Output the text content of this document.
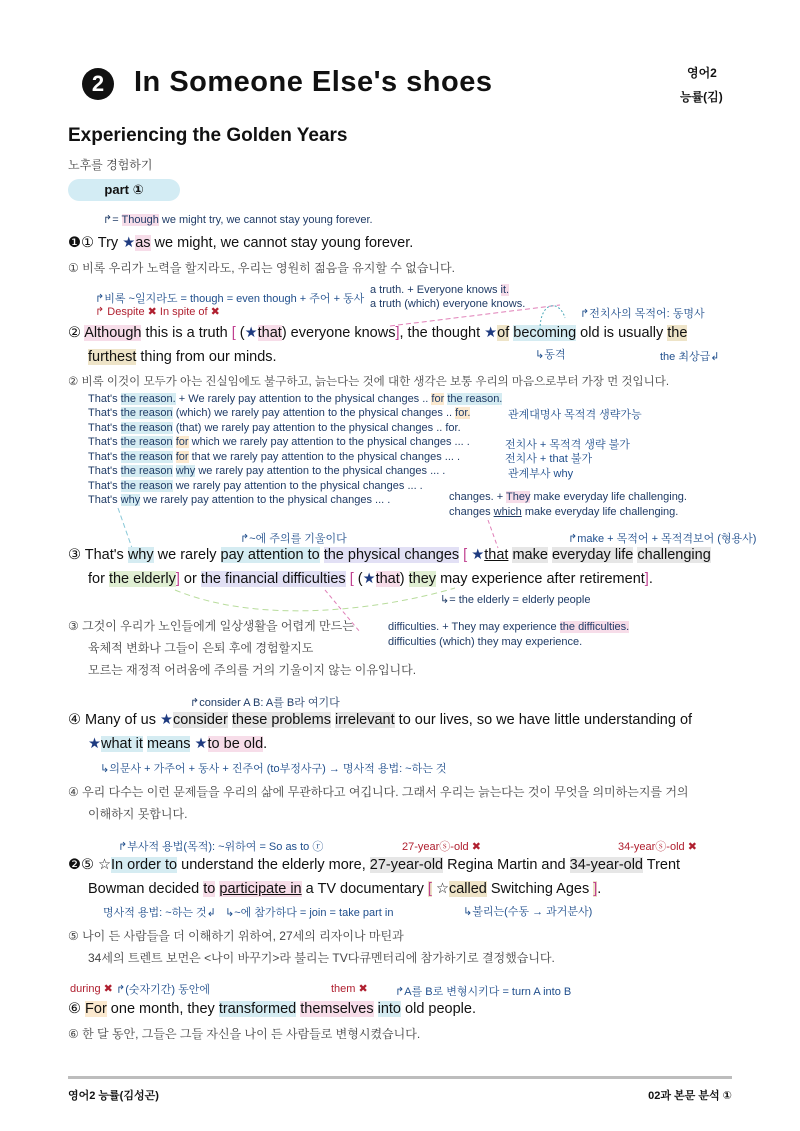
2	In Someone Else's shoes	영어2
능률(김)
Experiencing the Golden Years
노후를 경험하기
part ①
↱= Though we might try, we cannot stay young forever.
❶① Try ★as we might, we cannot stay young forever.
① 비록 우리가 노력을 할지라도, 우리는 영원히 젊음을 유지할 수 없습니다.
↱비록 ~일지라도 = though = even though + 주어 + 동사
↱ Despite ✖ In spite of ✖
a truth. + Everyone knows it.
a truth (which) everyone knows.
↱전치사의 목적어: 동명사
② Although this is a truth [ (★that) everyone knows], the thought ★of becoming old is usually the
furthest thing from our minds.	↳동격	the 최상급↲
② 비록 이것이 모두가 아는 진실임에도 불구하고, 늙는다는 것에 대한 생각은 보통 우리의 마음으로부터 가장 먼 것입니다.
That's the reason. + We rarely pay attention to the physical changes .. for the reason.
That's the reason (which) we rarely pay attention to the physical changes .. for.
That's the reason (that) we rarely pay attention to the physical changes .. for.
That's the reason for which we rarely pay attention to the physical changes ... .
That's the reason for that we rarely pay attention to the physical changes ... .
That's the reason why we rarely pay attention to the physical changes ... .
That's the reason we rarely pay attention to the physical changes ... .
That's why we rarely pay attention to the physical changes ... .
관계대명사 목적격 생략가능
전치사 + 목적격 생략 불가
전치사 + that 불가
관계부사 why
changes. + They make everyday life challenging.
changes which make everyday life challenging.
↱~에 주의를 기울이다	↱make + 목적어 + 목적격보어 (형용사)
③ That's why we rarely pay attention to the physical changes [ ★that make everyday life challenging
for the elderly] or the financial difficulties [ (★that) they may experience after retirement].
↳= the elderly = elderly people
difficulties. + They may experience the difficulties.
difficulties (which) they may experience.
③ 그것이 우리가 노인들에게 일상생활을 어렵게 만드는
육체적 변화나 그들이 은퇴 후에 경험할지도
모르는 재정적 어려움에 주의를 거의 기울이지 않는 이유입니다.
↱consider A B: A를 B라 여기다
④ Many of us ★consider these problems irrelevant to our lives, so we have little understanding of
★what it means ★to be old.
↳의문사 + 가주어 + 동사 + 진주어 (to부정사구) → 명사적 용법: ~하는 것
④ 우리 다수는 이런 문제들을 우리의 삶에 무관하다고 여깁니다. 그래서 우리는 늙는다는 것이 무엇을 의미하는지를 거의
이해하지 못합니다.
↱부사적 용법(목적): ~위하여 = So as to ⓡ	27-yearⓢ-old ✖	34-yearⓢ-old ✖
❷⑤ ☆In order to understand the elderly more, 27-year-old Regina Martin and 34-year-old Trent
Bowman decided to participate in a TV documentary [ ☆called Switching Ages ].
명사적 용법: ~하는 것↲ ↳~에 참가하다 = join = take part in	↳불리는(수동 → 과거분사)
⑤ 나이 든 사람들을 더 이해하기 위하여, 27세의 리자이나 마틴과
34세의 트렌트 보먼은 <나이 바꾸기>라 불리는 TV다큐멘터리에 참가하기로 결정했습니다.
during ✖ ↱(숫자기간) 동안에	them ✖ ↱A를 B로 변형시키다 = turn A into B
⑥ For one month, they transformed themselves into old people.
⑥ 한 달 동안, 그들은 그들 자신을 나이 든 사람들로 변형시켰습니다.
영어2 능률(김성곤)	02과 본문 분석 ①
